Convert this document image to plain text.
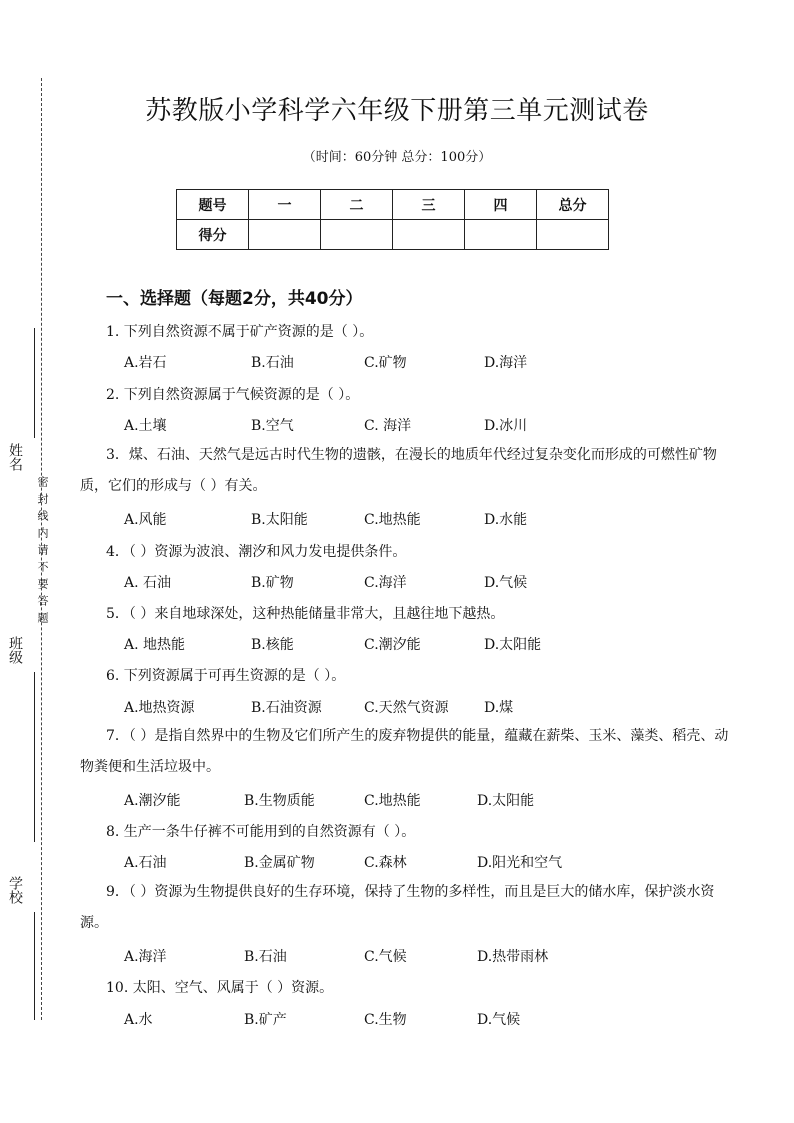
姓名
密封线内请不要答题
班级
学校
苏教版小学科学六年级下册第三单元测试卷
（时间：60分钟 总分：100分）
题号	一	二	三	四	总分
得分					
一、选择题（每题2分，共40分）
1. 下列自然资源不属于矿产资源的是（ ）。
A.岩石	B.石油	C.矿物	D.海洋
2. 下列自然资源属于气候资源的是（ ）。
A.土壤	B.空气	C. 海洋	D.冰川
3．煤、石油、天然气是远古时代生物的遗骸，在漫长的地质年代经过复杂变化而形成的可燃性矿物质，它们的形成与（ ）有关。
A.风能	B.太阳能	C.地热能	D.水能
4．（ ）资源为波浪、潮汐和风力发电提供条件。
A. 石油	B.矿物	C.海洋	D.气候
5．（ ）来自地球深处，这种热能储量非常大，且越往地下越热。
A. 地热能	B.核能	C.潮汐能	D.太阳能
6. 下列资源属于可再生资源的是（ ）。
A.地热资源	B.石油资源	C.天然气资源	D.煤
7．（ ）是指自然界中的生物及它们所产生的废弃物提供的能量，蕴藏在薪柴、玉米、藻类、稻壳、动物粪便和生活垃圾中。
A.潮汐能	B.生物质能	C.地热能	D.太阳能
8. 生产一条牛仔裤不可能用到的自然资源有（ ）。
A.石油	B.金属矿物	C.森林	D.阳光和空气
9．（ ）资源为生物提供良好的生存环境，保持了生物的多样性，而且是巨大的储水库，保护淡水资源。
A.海洋	B.石油	C.气候	D.热带雨林
10. 太阳、空气、风属于（ ）资源。
A.水	B.矿产	C.生物	D.气候
